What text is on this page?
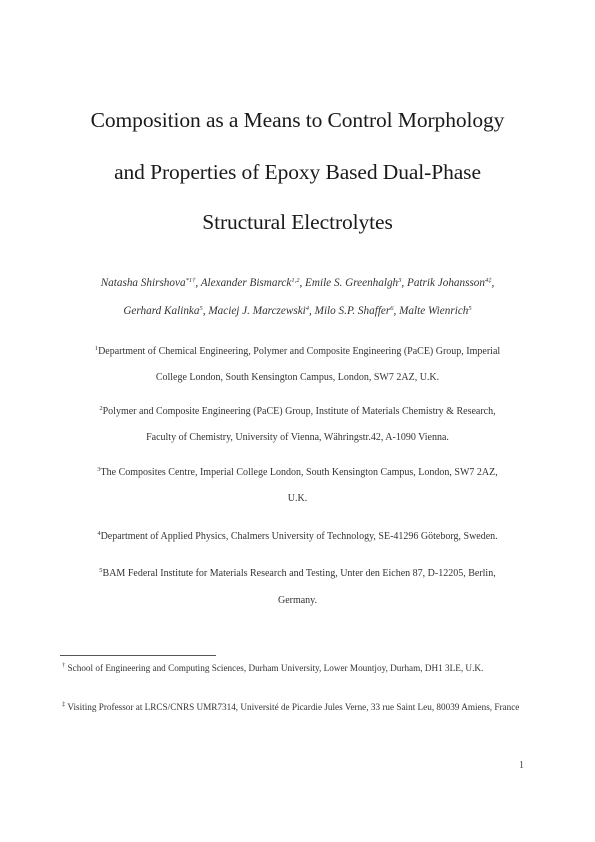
Composition as a Means to Control Morphology
and Properties of Epoxy Based Dual-Phase
Structural Electrolytes
Natasha Shirshova$^{*1\dagger}$, Alexander Bismarck$^{1,2}$, Emile S. Greenhalgh$^3$, Patrik Johansson$^{4\ddagger}$,
Gerhard Kalinka$^5$, Maciej J. Marczewski$^4$, Milo S.P. Shaffer$^6$, Malte Wienrich$^5$
$^1$Department of Chemical Engineering, Polymer and Composite Engineering (PaCE) Group, Imperial
College London, South Kensington Campus, London, SW7 2AZ, U.K.
$^2$Polymer and Composite Engineering (PaCE) Group, Institute of Materials Chemistry & Research,
Faculty of Chemistry, University of Vienna, Währingstr.42, A-1090 Vienna.
$^3$The Composites Centre, Imperial College London, South Kensington Campus, London, SW7 2AZ,
U.K.
$^4$Department of Applied Physics, Chalmers University of Technology, SE-41296 Göteborg, Sweden.
$^5$BAM Federal Institute for Materials Research and Testing, Unter den Eichen 87, D-12205, Berlin,
Germany.
† School of Engineering and Computing Sciences, Durham University, Lower Mountjoy, Durham, DH1 3LE, U.K.
‡ Visiting Professor at LRCS/CNRS UMR7314, Université de Picardie Jules Verne, 33 rue Saint Leu, 80039 Amiens, France
1
